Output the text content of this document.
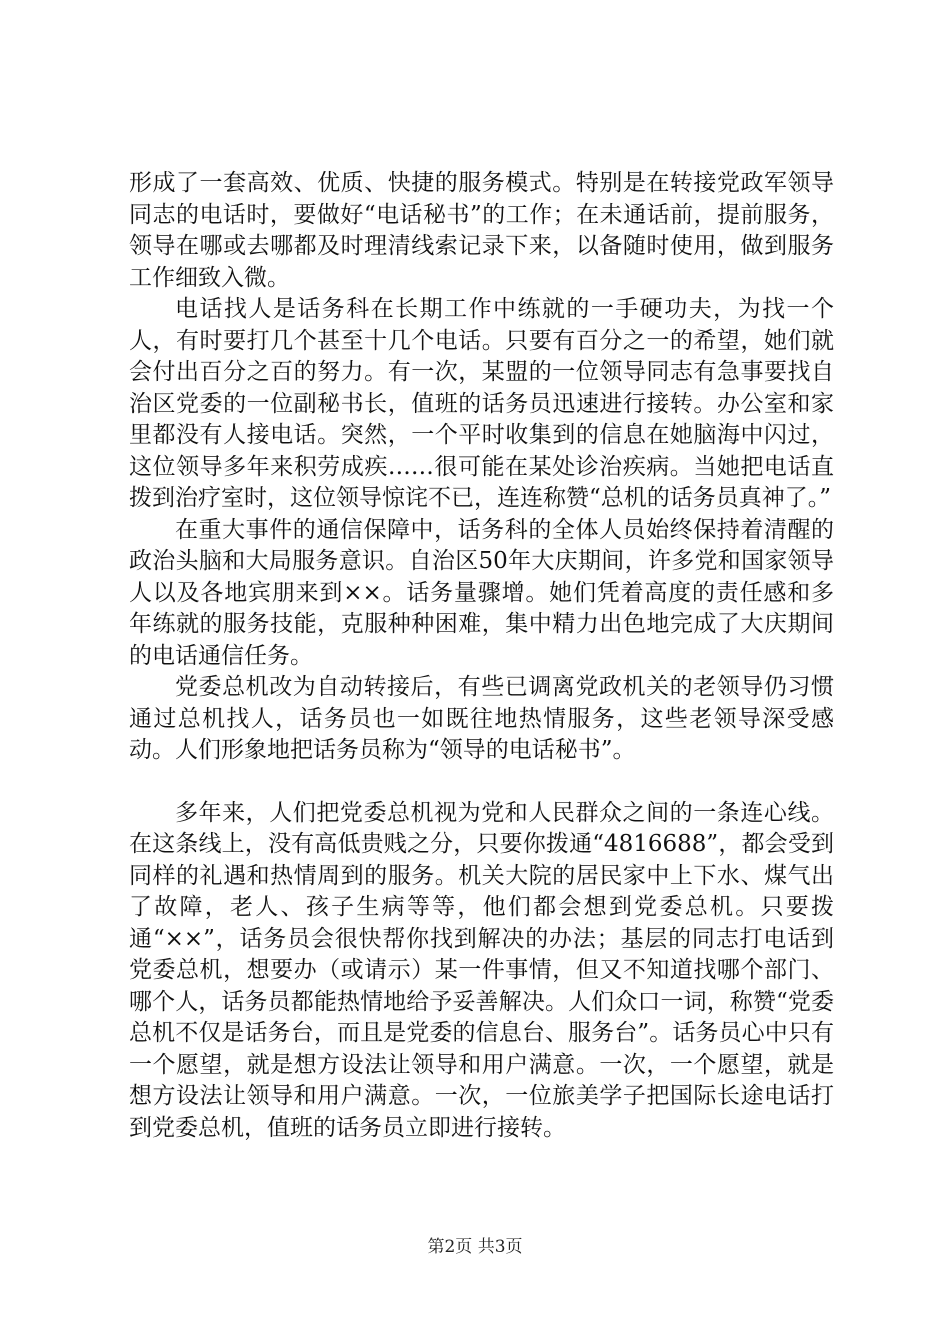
形成了一套高效、优质、快捷的服务模式。特别是在转接党政军领导同志的电话时，要做好“电话秘书”的工作；在未通话前，提前服务，领导在哪或去哪都及时理清线索记录下来，以备随时使用，做到服务工作细致入微。

电话找人是话务科在长期工作中练就的一手硬功夫，为找一个人，有时要打几个甚至十几个电话。只要有百分之一的希望，她们就会付出百分之百的努力。有一次，某盟的一位领导同志有急事要找自治区党委的一位副秘书长，值班的话务员迅速进行接转。办公室和家里都没有人接电话。突然，一个平时收集到的信息在她脑海中闪过，这位领导多年来积劳成疾……很可能在某处诊治疾病。当她把电话直拨到治疗室时，这位领导惊诧不已，连连称赞“总机的话务员真神了。”

在重大事件的通信保障中，话务科的全体人员始终保持着清醒的政治头脑和大局服务意识。自治区50年大庆期间，许多党和国家领导人以及各地宾朋来到××。话务量骤增。她们凭着高度的责任感和多年练就的服务技能，克服种种困难，集中精力出色地完成了大庆期间的电话通信任务。

党委总机改为自动转接后，有些已调离党政机关的老领导仍习惯通过总机找人，话务员也一如既往地热情服务，这些老领导深受感动。人们形象地把话务员称为“领导的电话秘书”。

多年来，人们把党委总机视为党和人民群众之间的一条连心线。在这条线上，没有高低贵贱之分，只要你拨通“4816688”，都会受到同样的礼遇和热情周到的服务。机关大院的居民家中上下水、煤气出了故障，老人、孩子生病等等，他们都会想到党委总机。只要拨通“××”，话务员会很快帮你找到解决的办法；基层的同志打电话到党委总机，想要办（或请示）某一件事情，但又不知道找哪个部门、哪个人，话务员都能热情地给予妥善解决。人们众口一词，称赞“党委总机不仅是话务台，而且是党委的信息台、服务台”。话务员心中只有一个愿望，就是想方设法让领导和用户满意。一次，一个愿望，就是想方设法让领导和用户满意。一次，一位旅美学子把国际长途电话打到党委总机，值班的话务员立即进行接转。

第2页 共3页
